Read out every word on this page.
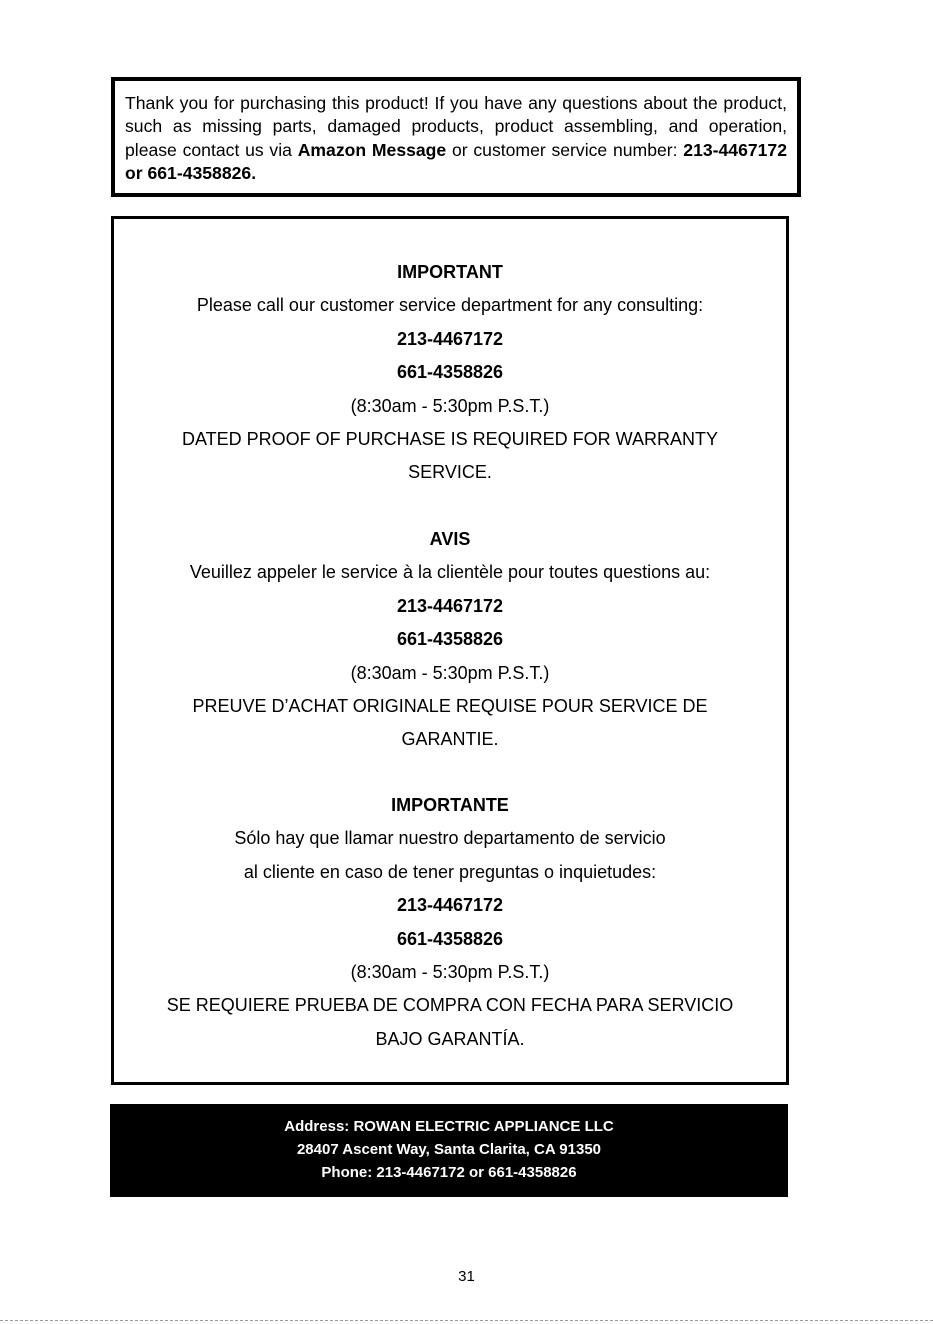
Thank you for purchasing this product! If you have any questions about the product, such as missing parts, damaged products, product assembling, and operation, please contact us via Amazon Message or customer service number: 213-4467172 or 661-4358826.
IMPORTANT
Please call our customer service department for any consulting:
213-4467172
661-4358826
(8:30am - 5:30pm P.S.T.)
DATED PROOF OF PURCHASE IS REQUIRED FOR WARRANTY
SERVICE.
AVIS
Veuillez appeler le service à la clientèle pour toutes questions au:
213-4467172
661-4358826
(8:30am - 5:30pm P.S.T.)
PREUVE D’ACHAT ORIGINALE REQUISE POUR SERVICE DE
GARANTIE.
IMPORTANTE
Sólo hay que llamar nuestro departamento de servicio
al cliente en caso de tener preguntas o inquietudes:
213-4467172
661-4358826
(8:30am - 5:30pm P.S.T.)
SE REQUIERE PRUEBA DE COMPRA CON FECHA PARA SERVICIO
BAJO GARANTÍA.
Address: ROWAN ELECTRIC APPLIANCE LLC
28407 Ascent Way, Santa Clarita, CA 91350
Phone: 213-4467172 or 661-4358826
31
